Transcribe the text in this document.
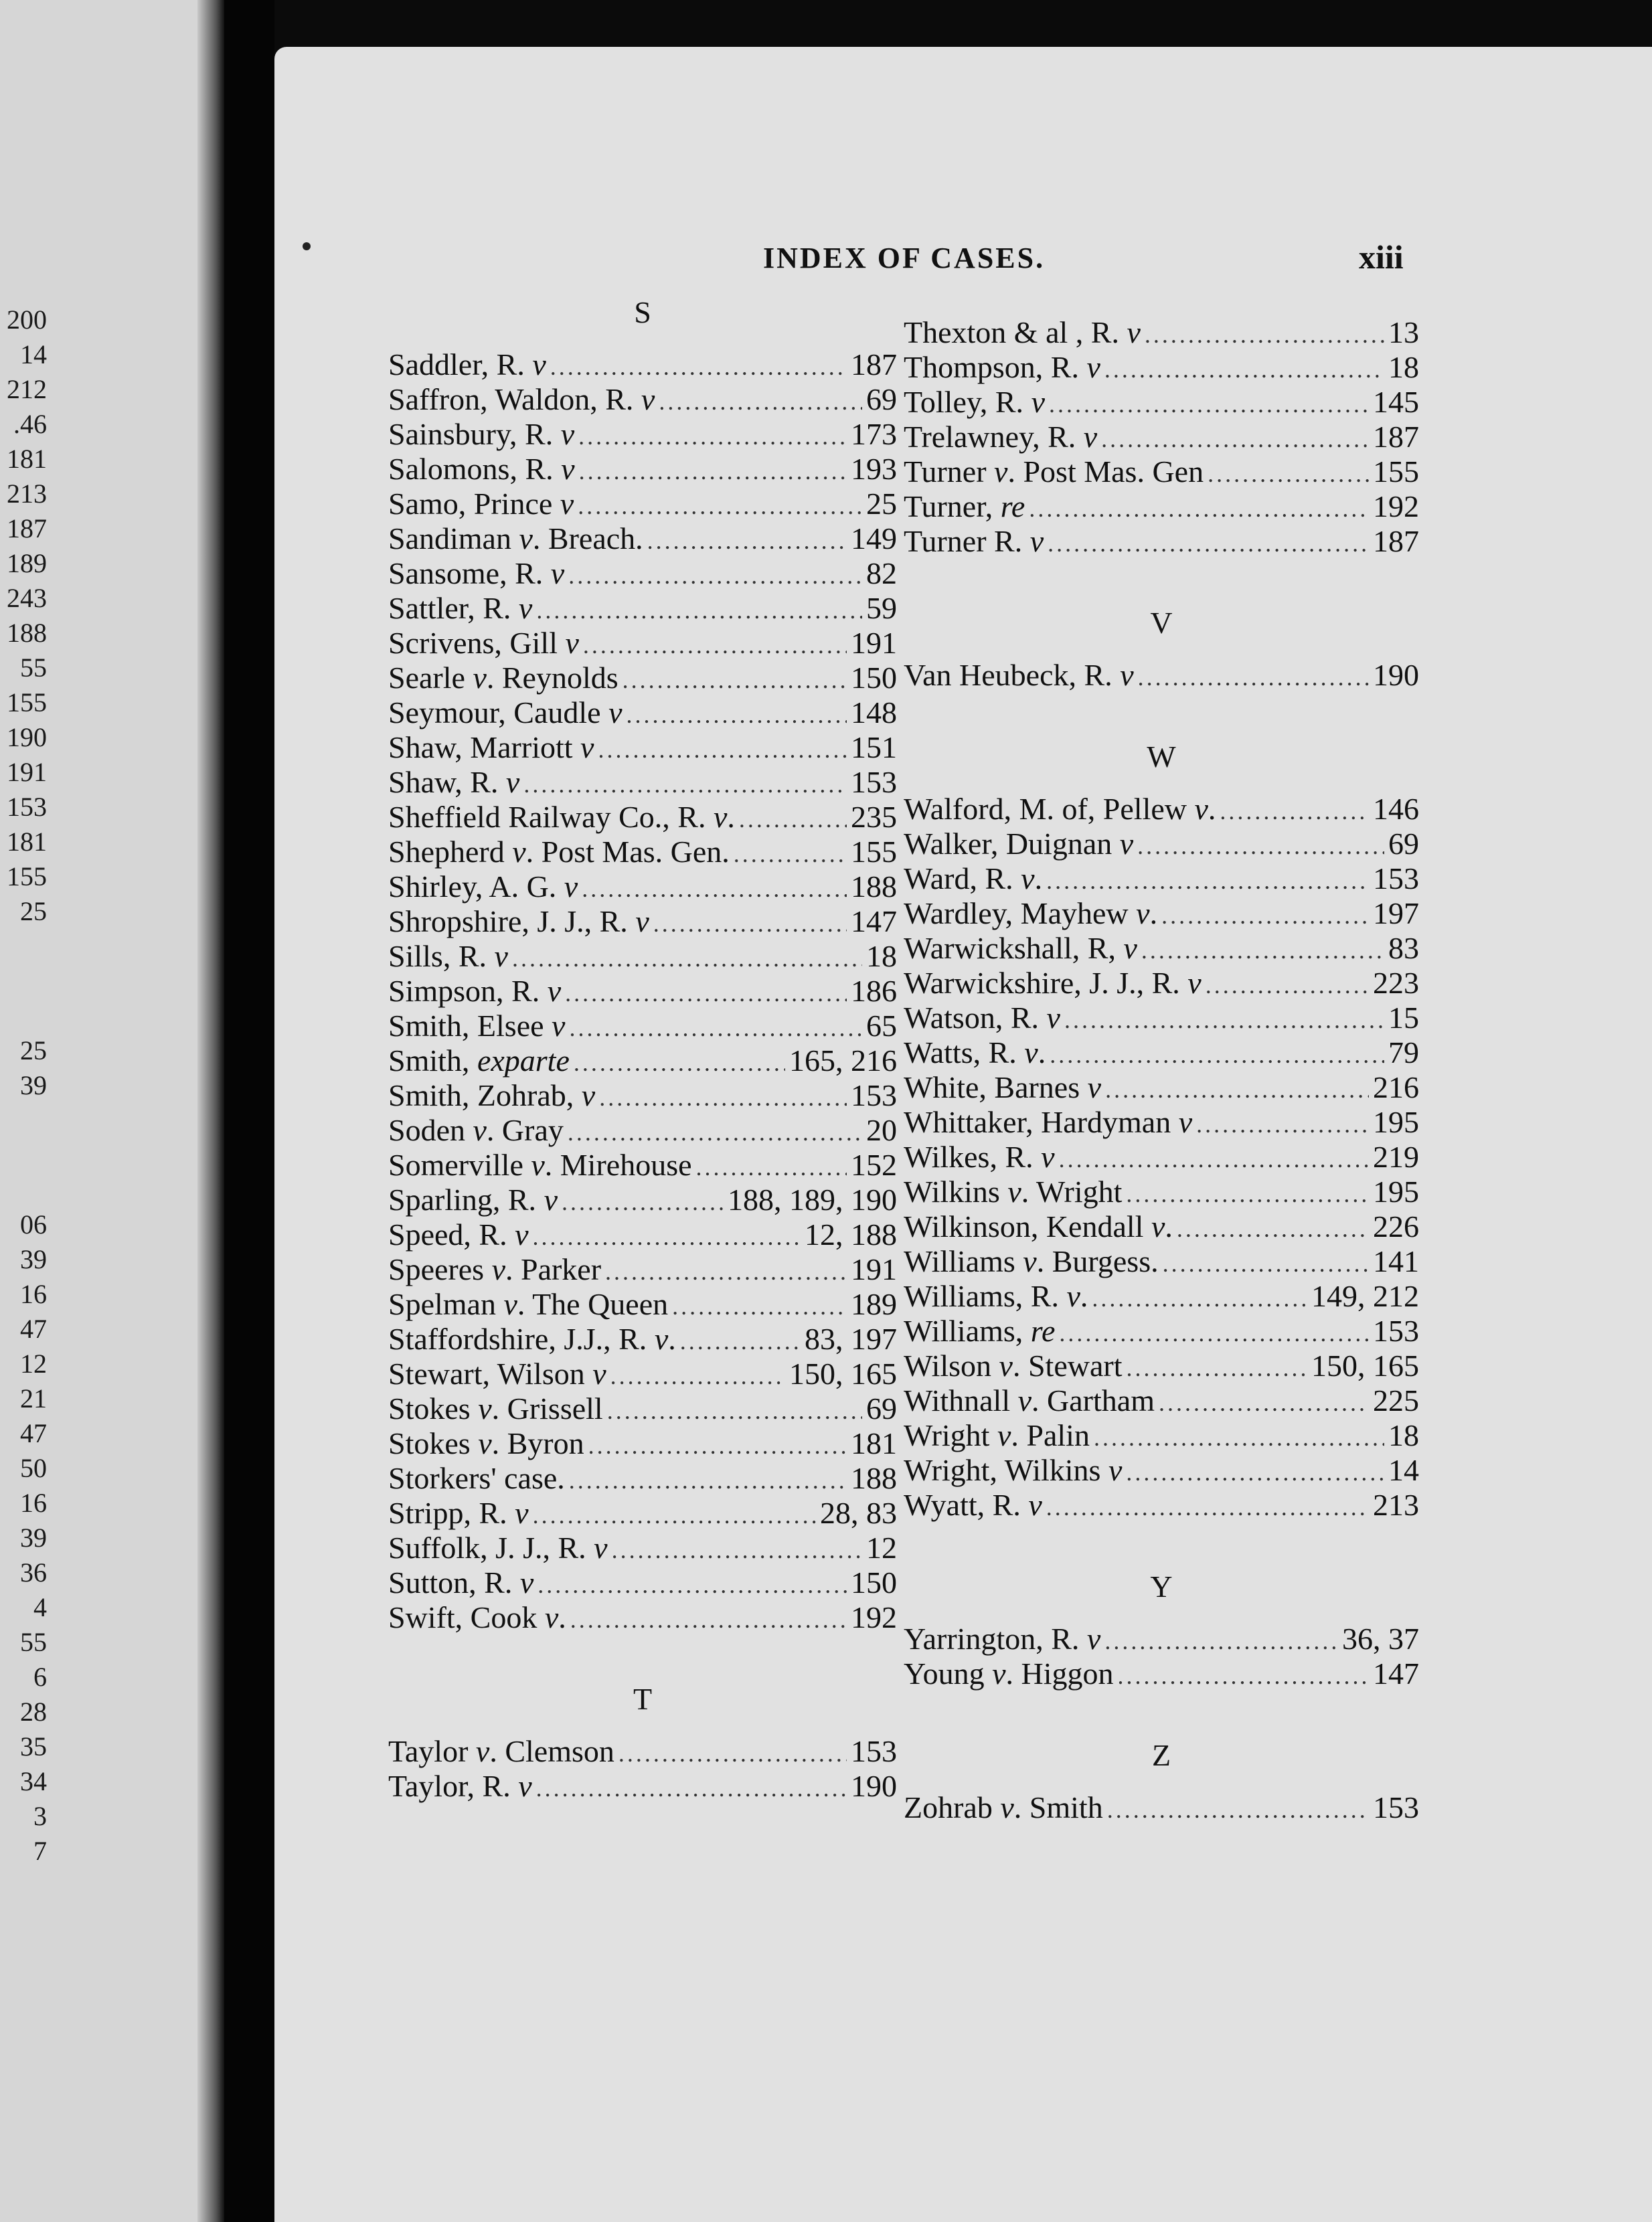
200
14
212
.46
181
213
187
189
243
188
55
155
190
191
153
181
155
25
25
39
06
39
16
47
12
21
47
50
16
39
36
4
55
6
28
35
34
3
7
INDEX OF CASES.	xiii
S
Saddler, R. v .....	187
Saffron, Waldon, R. v .....	69
Sainsbury, R. v .....	173
Salomons, R. v .....	193
Samo, Prince v .....	25
Sandiman v. Breach. .....	149
Sansome, R. v .....	82
Sattler, R. v .....	59
Scrivens, Gill v .....	191
Searle v. Reynolds .....	150
Seymour, Caudle v .....	148
Shaw, Marriott v .....	151
Shaw, R. v .....	153
Sheffield Railway Co., R. v. .....	235
Shepherd v. Post Mas. Gen. .....	155
Shirley, A. G. v .....	188
Shropshire, J. J., R. v .....	147
Sills, R. v .....	18
Simpson, R. v .....	186
Smith, Elsee v .....	65
Smith, exparte .....	165, 216
Smith, Zohrab, v .....	153
Soden v. Gray .....	20
Somerville v. Mirehouse .....	152
Sparling, R. v .....	188, 189, 190
Speed, R. v .....	12, 188
Speeres v. Parker .....	191
Spelman v. The Queen .....	189
Staffordshire, J.J., R. v. .....	83, 197
Stewart, Wilson v .....	150, 165
Stokes v. Grissell .....	69
Stokes v. Byron .....	181
Storkers' case. .....	188
Stripp, R. v .....	28, 83
Suffolk, J. J., R. v .....	12
Sutton, R. v .....	150
Swift, Cook v. .....	192
T
Taylor v. Clemson .....	153
Taylor, R. v .....	190
Thexton & al , R. v .....	13
Thompson, R. v .....	18
Tolley, R. v .....	145
Trelawney, R. v .....	187
Turner v. Post Mas. Gen .....	155
Turner, re .....	192
Turner R. v .....	187
V
Van Heubeck, R. v .....	190
W
Walford, M. of, Pellew v. .....	146
Walker, Duignan v .....	69
Ward, R. v. .....	153
Wardley, Mayhew v. .....	197
Warwickshall, R, v .....	83
Warwickshire, J. J., R. v .....	223
Watson, R. v .....	15
Watts, R. v. .....	79
White, Barnes v .....	216
Whittaker, Hardyman v .....	195
Wilkes, R. v .....	219
Wilkins v. Wright .....	195
Wilkinson, Kendall v. .....	226
Williams v. Burgess. .....	141
Williams, R. v. .....	149, 212
Williams, re .....	153
Wilson v. Stewart .....	150, 165
Withnall v. Gartham .....	225
Wright v. Palin .....	18
Wright, Wilkins v .....	14
Wyatt, R. v .....	213
Y
Yarrington, R. v .....	36, 37
Young v. Higgon .....	147
Z
Zohrab v. Smith .....	153
